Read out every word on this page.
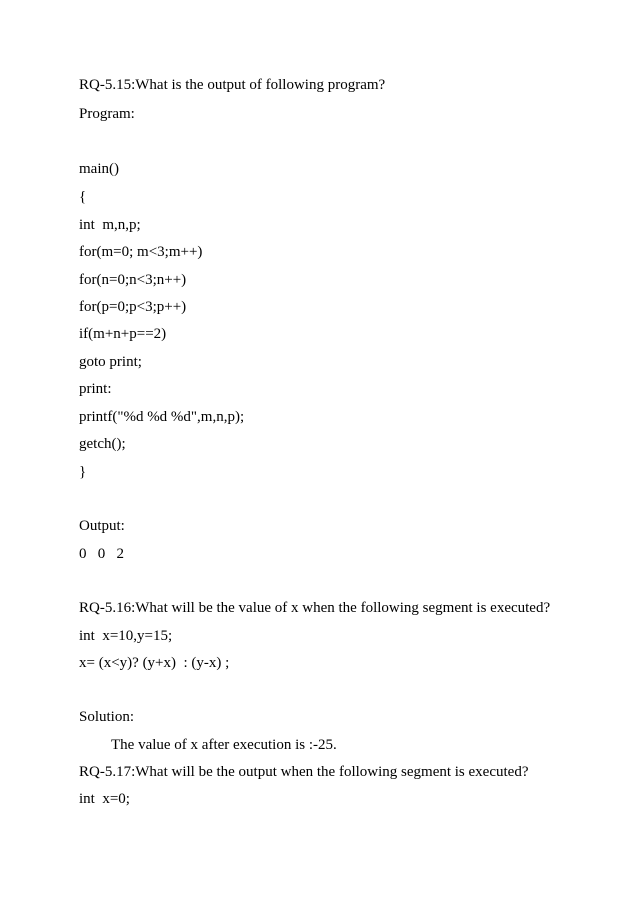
RQ-5.15:What is the output of following program?
Program:
main()
{
int  m,n,p;
for(m=0; m<3;m++)
for(n=0;n<3;n++)
for(p=0;p<3;p++)
if(m+n+p==2)
goto print;
print:
printf("%d %d %d",m,n,p);
getch();
}
Output:
0   0   2
RQ-5.16:What will be the value of x when the following segment is executed?
int  x=10,y=15;
x= (x<y)? (y+x)  : (y-x) ;
Solution:
The value of x after execution is :-25.
RQ-5.17:What will be the output when the following segment is executed?
int  x=0;
